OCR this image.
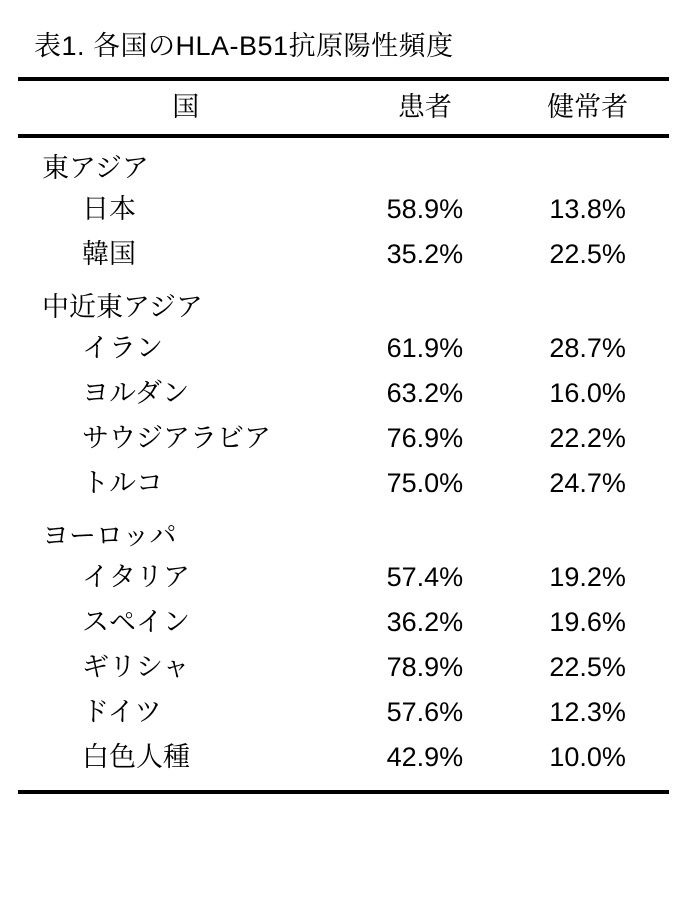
表1. 各国のHLA-B51抗原陽性頻度
国	患者	健常者
東アジア		
日本	58.9%	13.8%
韓国	35.2%	22.5%
中近東アジア		
イラン	61.9%	28.7%
ヨルダン	63.2%	16.0%
サウジアラビア	76.9%	22.2%
トルコ	75.0%	24.7%
ヨーロッパ		
イタリア	57.4%	19.2%
スペイン	36.2%	19.6%
ギリシャ	78.9%	22.5%
ドイツ	57.6%	12.3%
白色人種	42.9%	10.0%
